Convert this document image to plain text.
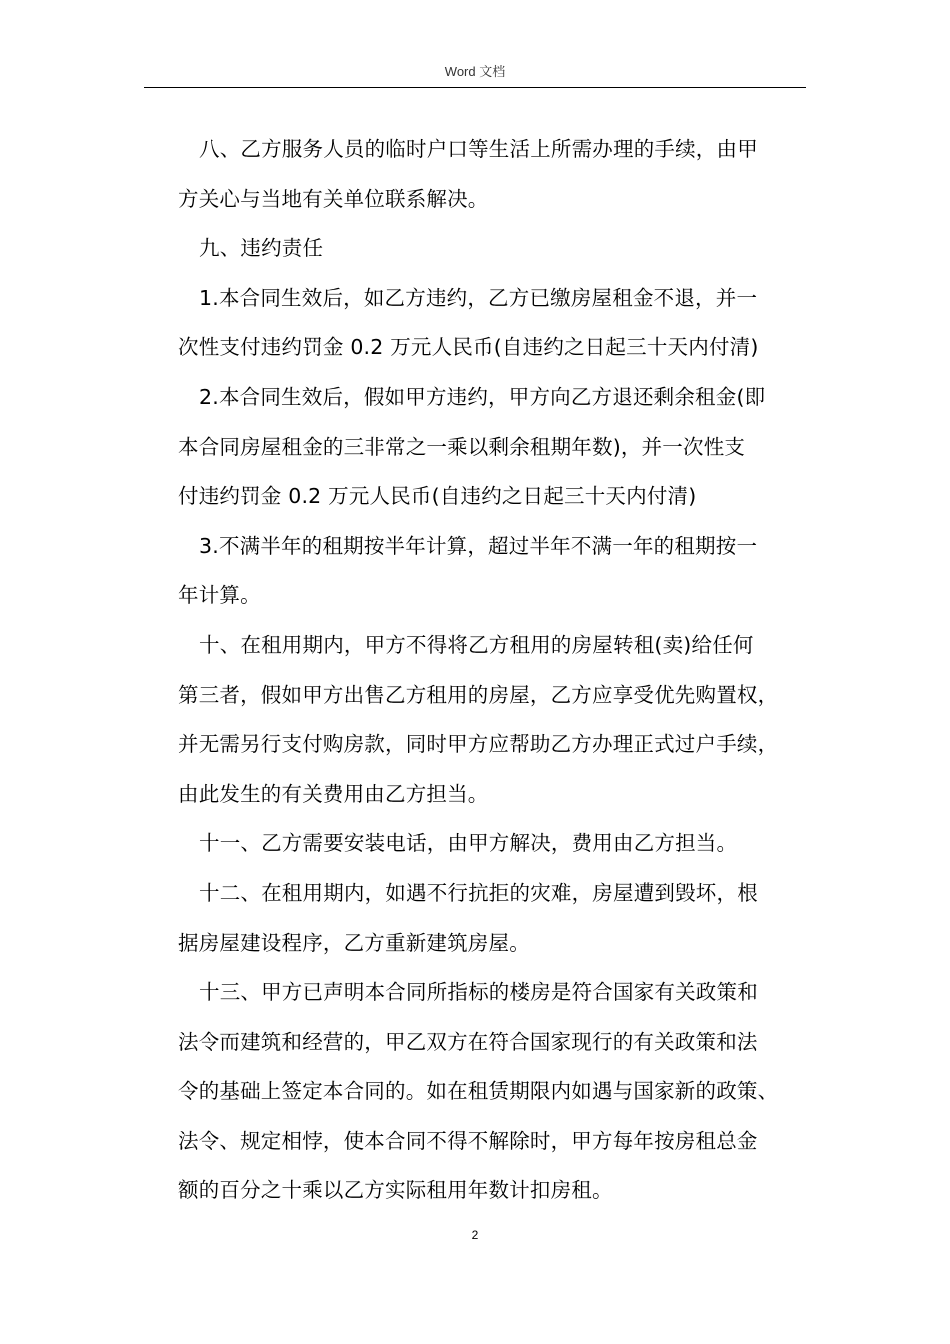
Word 文档
八、乙方服务人员的临时户口等生活上所需办理的手续，由甲
方关心与当地有关单位联系解决。
九、违约责任
1.本合同生效后，如乙方违约，乙方已缴房屋租金不退，并一
次性支付违约罚金 0.2 万元人民币(自违约之日起三十天内付清)
2.本合同生效后，假如甲方违约，甲方向乙方退还剩余租金(即
本合同房屋租金的三非常之一乘以剩余租期年数)，并一次性支
付违约罚金 0.2 万元人民币(自违约之日起三十天内付清)
3.不满半年的租期按半年计算，超过半年不满一年的租期按一
年计算。
十、在租用期内，甲方不得将乙方租用的房屋转租(卖)给任何
第三者，假如甲方出售乙方租用的房屋，乙方应享受优先购置权，
并无需另行支付购房款，同时甲方应帮助乙方办理正式过户手续，
由此发生的有关费用由乙方担当。
十一、乙方需要安装电话，由甲方解决，费用由乙方担当。
十二、在租用期内，如遇不行抗拒的灾难，房屋遭到毁坏，根
据房屋建设程序，乙方重新建筑房屋。
十三、甲方已声明本合同所指标的楼房是符合国家有关政策和
法令而建筑和经营的，甲乙双方在符合国家现行的有关政策和法
令的基础上签定本合同的。如在租赁期限内如遇与国家新的政策、
法令、规定相悖，使本合同不得不解除时，甲方每年按房租总金
额的百分之十乘以乙方实际租用年数计扣房租。
2
